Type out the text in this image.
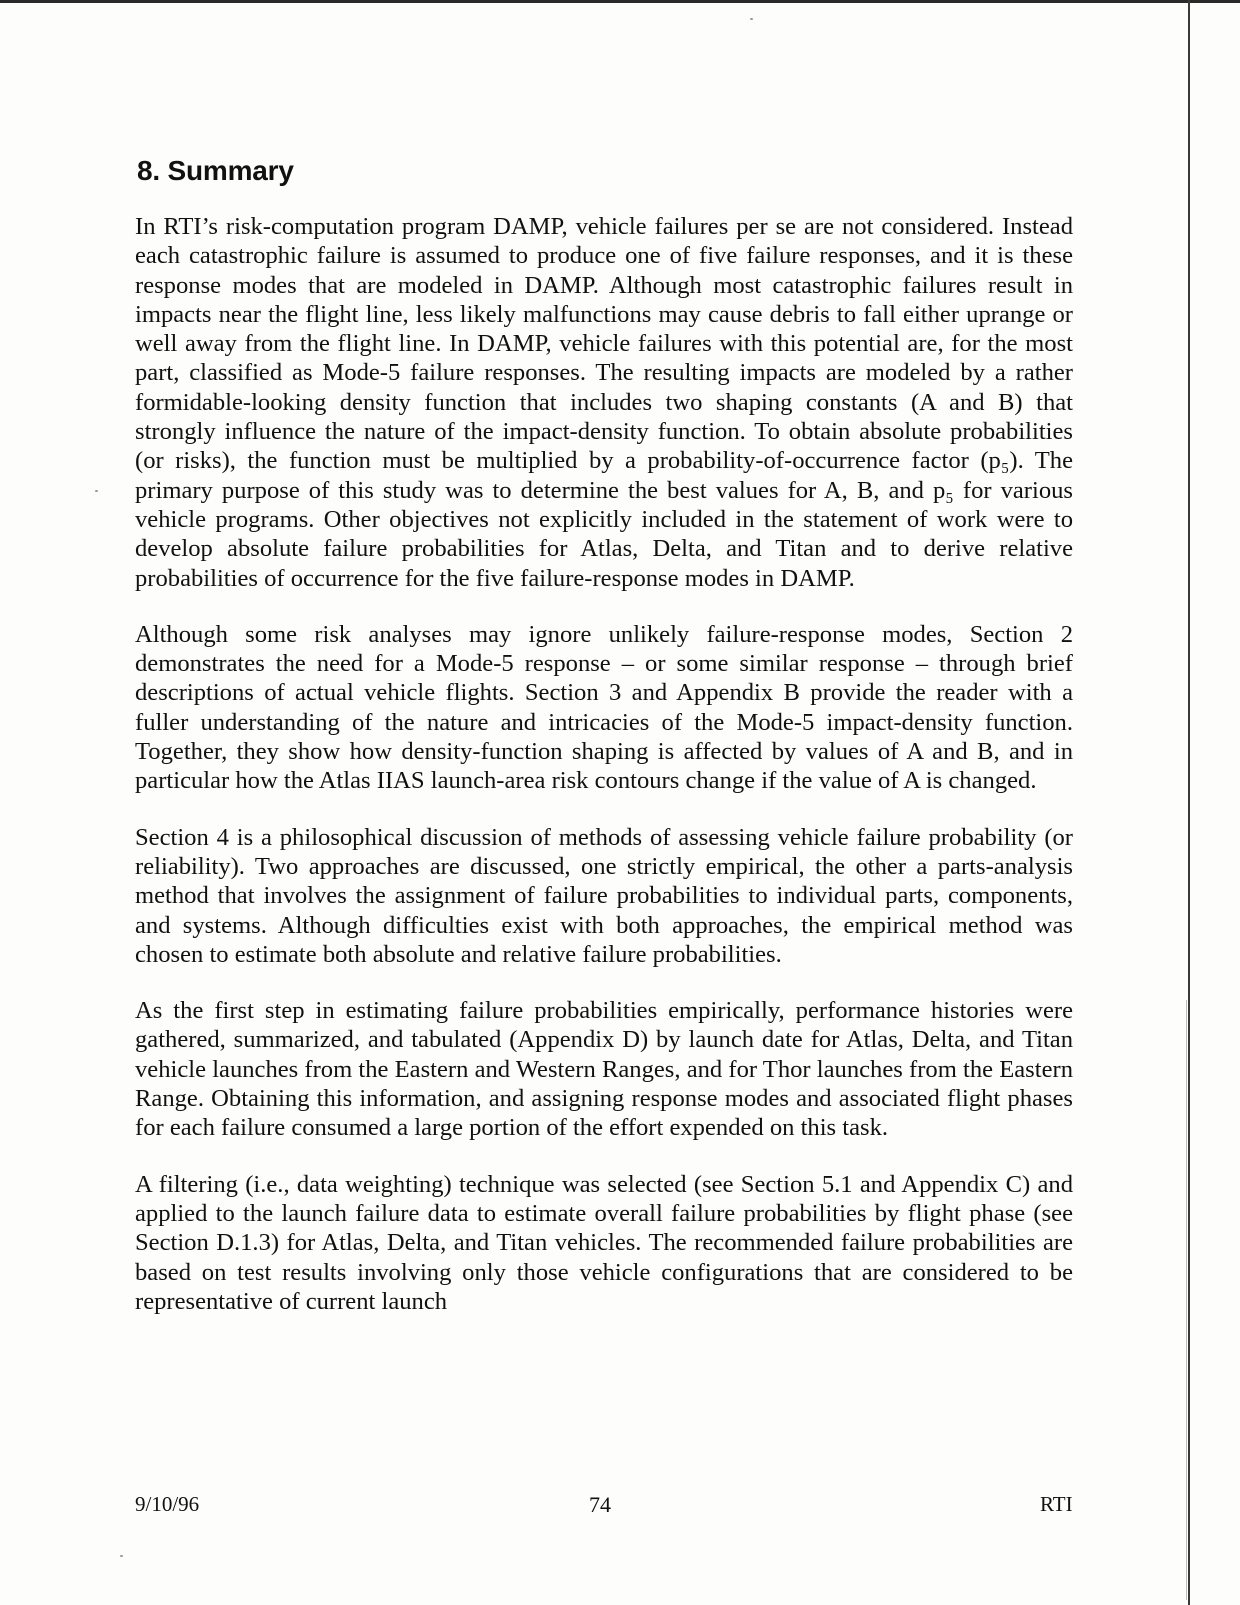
8. Summary

In RTI’s risk-computation program DAMP, vehicle failures per se are not considered. Instead each catastrophic failure is assumed to produce one of five failure responses, and it is these response modes that are modeled in DAMP. Although most catastrophic failures result in impacts near the flight line, less likely malfunctions may cause debris to fall either uprange or well away from the flight line. In DAMP, vehicle failures with this potential are, for the most part, classified as Mode-5 failure responses. The resulting impacts are modeled by a rather formidable-looking density function that includes two shaping constants (A and B) that strongly influence the nature of the impact-density function. To obtain absolute probabilities (or risks), the function must be multiplied by a probability-of-occurrence factor (p₅). The primary purpose of this study was to determine the best values for A, B, and p₅ for various vehicle programs. Other objectives not explicitly included in the statement of work were to develop absolute failure probabilities for Atlas, Delta, and Titan and to derive relative probabilities of occurrence for the five failure-response modes in DAMP.

Although some risk analyses may ignore unlikely failure-response modes, Section 2 demonstrates the need for a Mode-5 response – or some similar response – through brief descriptions of actual vehicle flights. Section 3 and Appendix B provide the reader with a fuller understanding of the nature and intricacies of the Mode-5 impact-density function. Together, they show how density-function shaping is affected by values of A and B, and in particular how the Atlas IIAS launch-area risk contours change if the value of A is changed.

Section 4 is a philosophical discussion of methods of assessing vehicle failure probability (or reliability). Two approaches are discussed, one strictly empirical, the other a parts-analysis method that involves the assignment of failure probabilities to individual parts, components, and systems. Although difficulties exist with both approaches, the empirical method was chosen to estimate both absolute and relative failure probabilities.

As the first step in estimating failure probabilities empirically, performance histories were gathered, summarized, and tabulated (Appendix D) by launch date for Atlas, Delta, and Titan vehicle launches from the Eastern and Western Ranges, and for Thor launches from the Eastern Range. Obtaining this information, and assigning response modes and associated flight phases for each failure consumed a large portion of the effort expended on this task.

A filtering (i.e., data weighting) technique was selected (see Section 5.1 and Appendix C) and applied to the launch failure data to estimate overall failure probabilities by flight phase (see Section D.1.3) for Atlas, Delta, and Titan vehicles. The recommended failure probabilities are based on test results involving only those vehicle configurations that are considered to be representative of current launch

9/10/96	74	RTI
